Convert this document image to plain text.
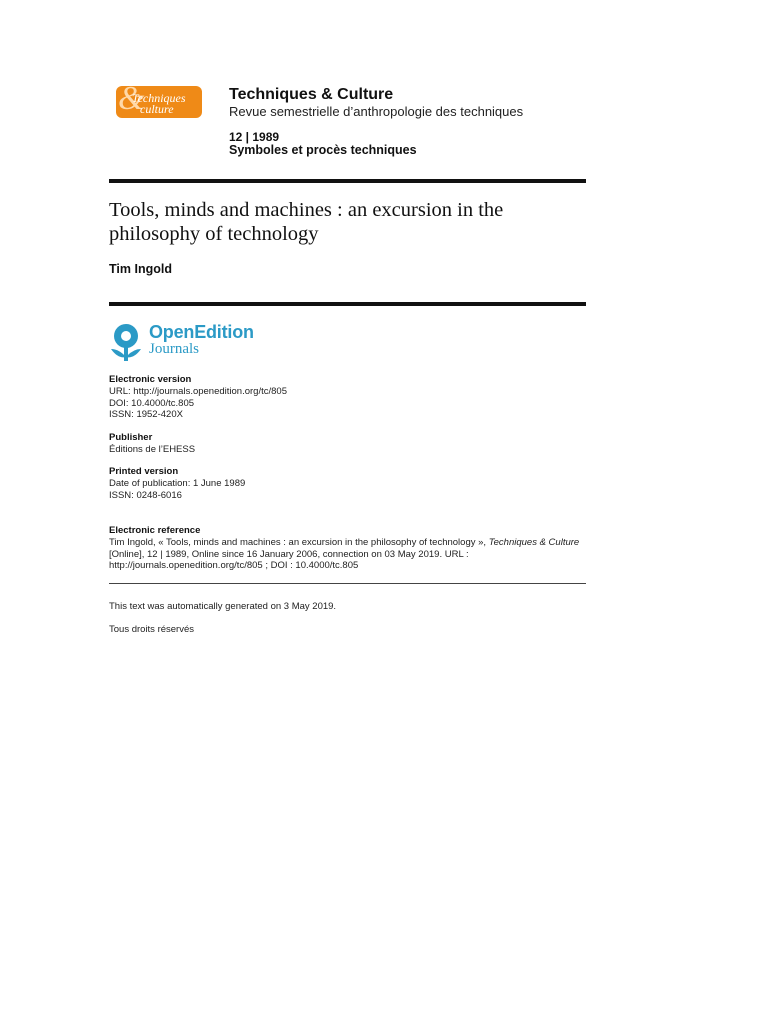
&
Techniques
culture
Techniques & Culture
Revue semestrielle d’anthropologie des techniques
12 | 1989
Symboles et procès techniques
Tools, minds and machines : an excursion in the philosophy of technology
Tim Ingold
OpenEdition
Journals
Electronic version
URL: http://journals.openedition.org/tc/805
DOI: 10.4000/tc.805
ISSN: 1952-420X
Publisher
Éditions de l’EHESS
Printed version
Date of publication: 1 June 1989
ISSN: 0248-6016
Electronic reference
Tim Ingold, « Tools, minds and machines : an excursion in the philosophy of technology », Techniques & Culture [Online], 12 | 1989, Online since 16 January 2006, connection on 03 May 2019. URL : http://journals.openedition.org/tc/805 ; DOI : 10.4000/tc.805
This text was automatically generated on 3 May 2019.
Tous droits réservés
